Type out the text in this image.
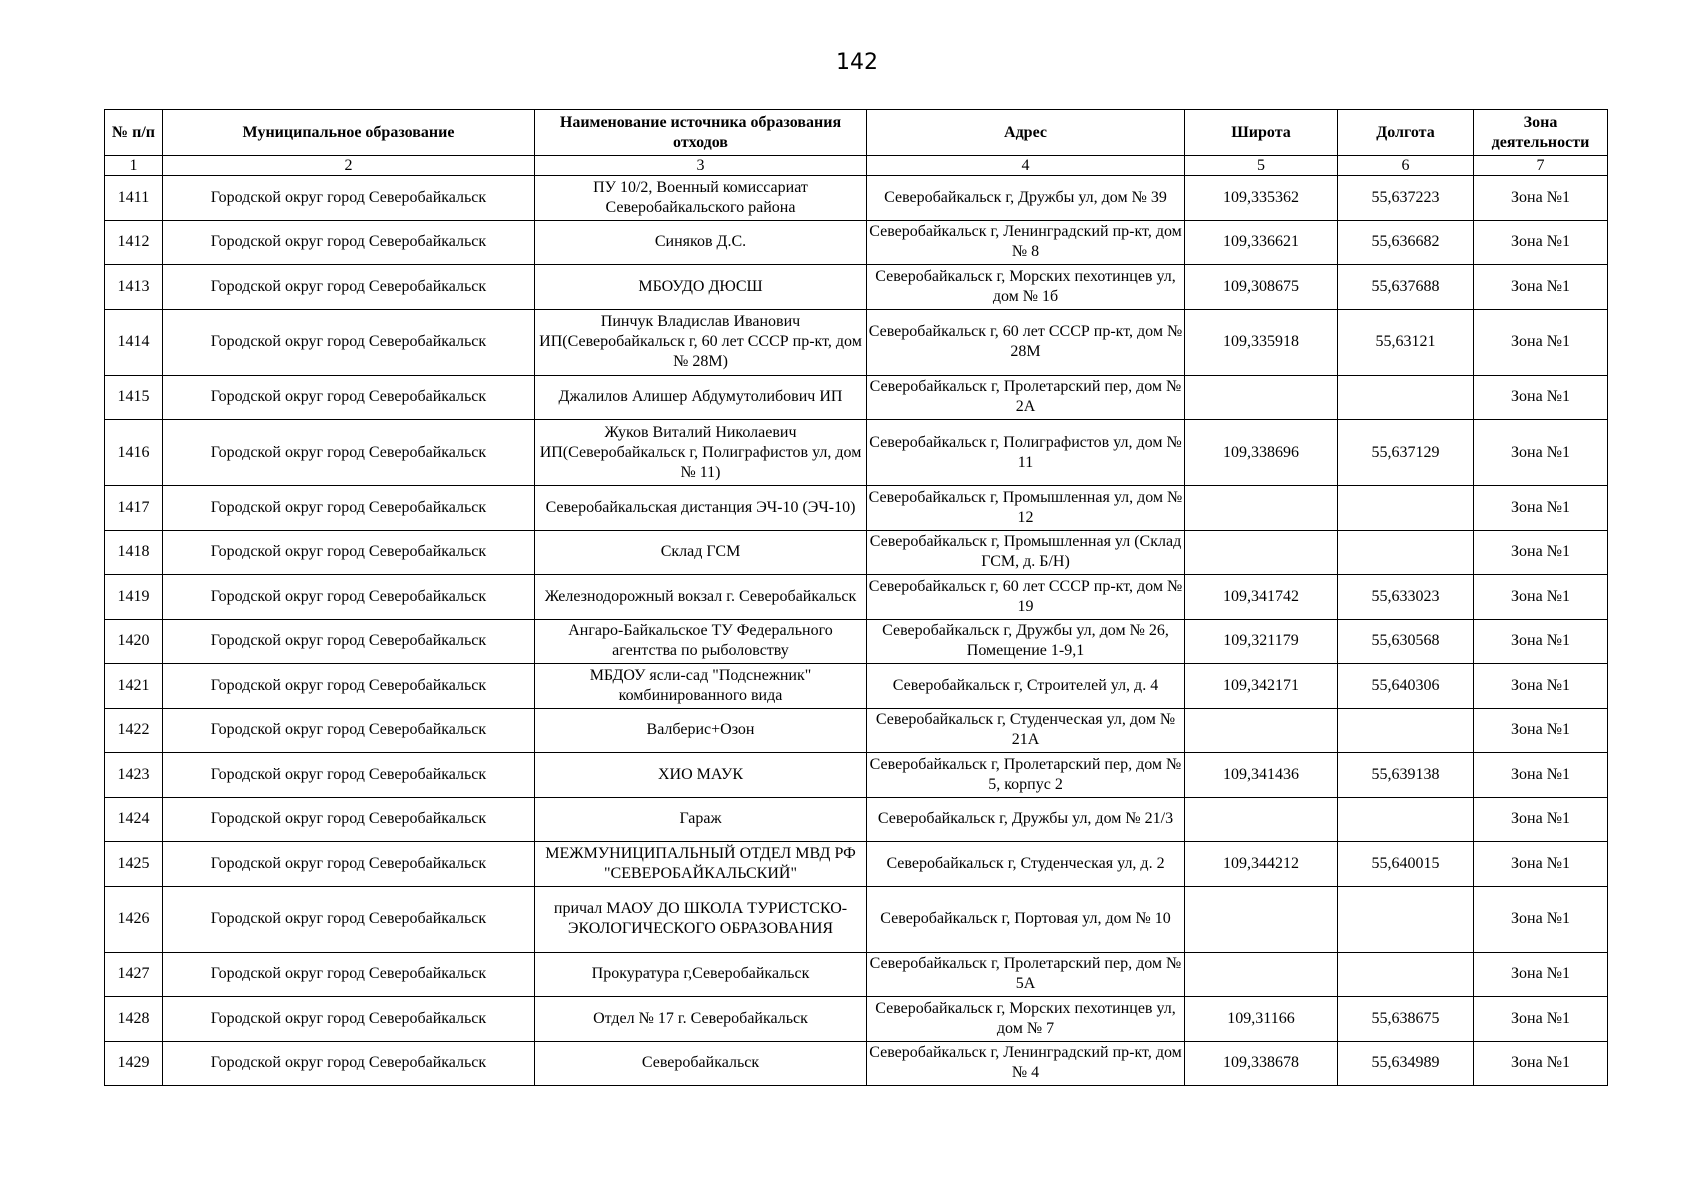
142
№ п/п	Муниципальное образование	Наименование источника образования отходов	Адрес	Широта	Долгота	Зона деятельности
1	2	3	4	5	6	7
1411	Городской округ город Северобайкальск	ПУ 10/2, Военный комиссариат Северобайкальского района	Северобайкальск г, Дружбы ул, дом № 39	109,335362	55,637223	Зона №1
1412	Городской округ город Северобайкальск	Синяков Д.С.	Северобайкальск г, Ленинградский пр-кт, дом № 8	109,336621	55,636682	Зона №1
1413	Городской округ город Северобайкальск	МБОУДО ДЮСШ	Северобайкальск г, Морских пехотинцев ул, дом № 1б	109,308675	55,637688	Зона №1
1414	Городской округ город Северобайкальск	Пинчук Владислав Иванович ИП(Северобайкальск г, 60 лет СССР пр-кт, дом № 28М)	Северобайкальск г, 60 лет СССР пр-кт, дом № 28М	109,335918	55,63121	Зона №1
1415	Городской округ город Северобайкальск	Джалилов Алишер Абдумутолибович ИП	Северобайкальск г, Пролетарский пер, дом № 2А			Зона №1
1416	Городской округ город Северобайкальск	Жуков Виталий Николаевич ИП(Северобайкальск г, Полиграфистов ул, дом № 11)	Северобайкальск г, Полиграфистов ул, дом № 11	109,338696	55,637129	Зона №1
1417	Городской округ город Северобайкальск	Северобайкальская дистанция ЭЧ-10 (ЭЧ-10)	Северобайкальск г, Промышленная ул, дом № 12			Зона №1
1418	Городской округ город Северобайкальск	Склад ГСМ	Северобайкальск г, Промышленная ул (Склад ГСМ, д. Б/Н)			Зона №1
1419	Городской округ город Северобайкальск	Железнодорожный вокзал г. Северобайкальск	Северобайкальск г, 60 лет СССР пр-кт, дом № 19	109,341742	55,633023	Зона №1
1420	Городской округ город Северобайкальск	Ангаро-Байкальское ТУ Федерального агентства по рыболовству	Северобайкальск г, Дружбы ул, дом № 26, Помещение 1-9,1	109,321179	55,630568	Зона №1
1421	Городской округ город Северобайкальск	МБДОУ ясли-сад "Подснежник" комбинированного вида	Северобайкальск г, Строителей ул, д. 4	109,342171	55,640306	Зона №1
1422	Городской округ город Северобайкальск	Валберис+Озон	Северобайкальск г, Студенческая ул, дом № 21А			Зона №1
1423	Городской округ город Северобайкальск	ХИО МАУК	Северобайкальск г, Пролетарский пер, дом № 5, корпус 2	109,341436	55,639138	Зона №1
1424	Городской округ город Северобайкальск	Гараж	Северобайкальск г, Дружбы ул, дом № 21/3			Зона №1
1425	Городской округ город Северобайкальск	МЕЖМУНИЦИПАЛЬНЫЙ ОТДЕЛ МВД РФ "СЕВЕРОБАЙКАЛЬСКИЙ"	Северобайкальск г, Студенческая ул, д. 2	109,344212	55,640015	Зона №1
1426	Городской округ город Северобайкальск	причал МАОУ ДО ШКОЛА ТУРИСТСКО-ЭКОЛОГИЧЕСКОГО ОБРАЗОВАНИЯ	Северобайкальск г, Портовая ул, дом № 10			Зона №1
1427	Городской округ город Северобайкальск	Прокуратура г,Северобайкальск	Северобайкальск г, Пролетарский пер, дом № 5А			Зона №1
1428	Городской округ город Северобайкальск	Отдел № 17 г. Северобайкальск	Северобайкальск г, Морских пехотинцев ул, дом № 7	109,31166	55,638675	Зона №1
1429	Городской округ город Северобайкальск	Северобайкальск	Северобайкальск г, Ленинградский пр-кт, дом № 4	109,338678	55,634989	Зона №1
